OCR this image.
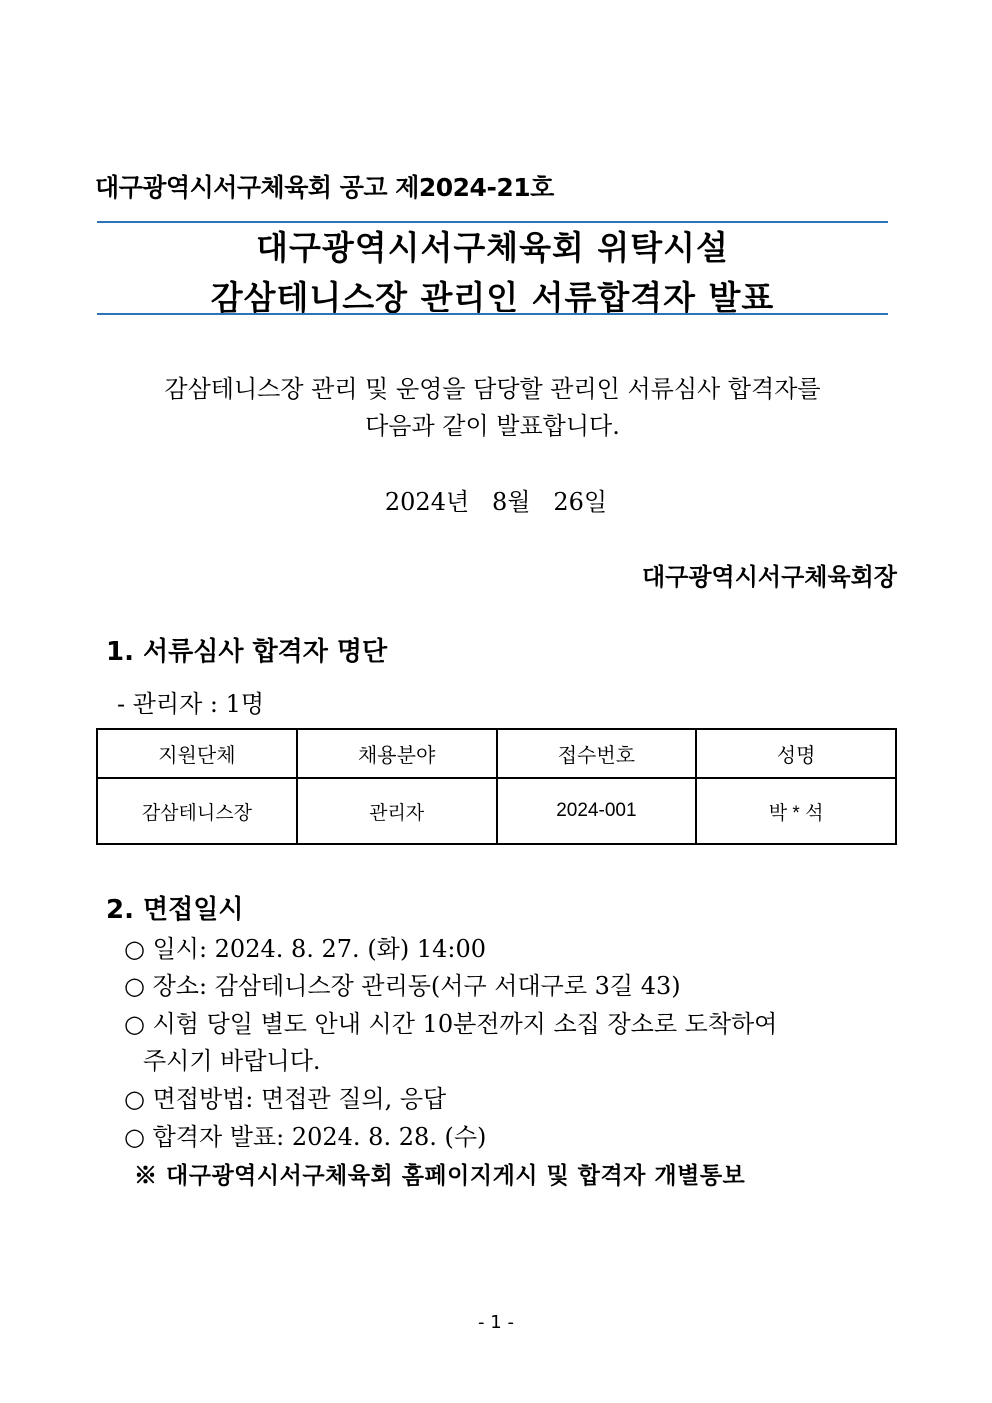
대구광역시서구체육회 공고 제2024-21호
대구광역시서구체육회 위탁시설
감삼테니스장 관리인 서류합격자 발표
감삼테니스장 관리 및 운영을 담당할 관리인 서류심사 합격자를
다음과 같이 발표합니다.
2024년   8월   26일
대구광역시서구체육회장
1. 서류심사 합격자 명단
- 관리자 : 1명
지원단체	채용분야	접수번호	성명
감삼테니스장	관리자	2024-001	박 * 석
2. 면접일시
○ 일시: 2024. 8. 27. (화) 14:00
○ 장소: 감삼테니스장 관리동(서구 서대구로 3길 43)
○ 시험 당일 별도 안내 시간 10분전까지 소집 장소로 도착하여
주시기 바랍니다.
○ 면접방법: 면접관 질의, 응답
○ 합격자 발표: 2024. 8. 28. (수)
※ 대구광역시서구체육회 홈페이지게시 및 합격자 개별통보
- 1 -
